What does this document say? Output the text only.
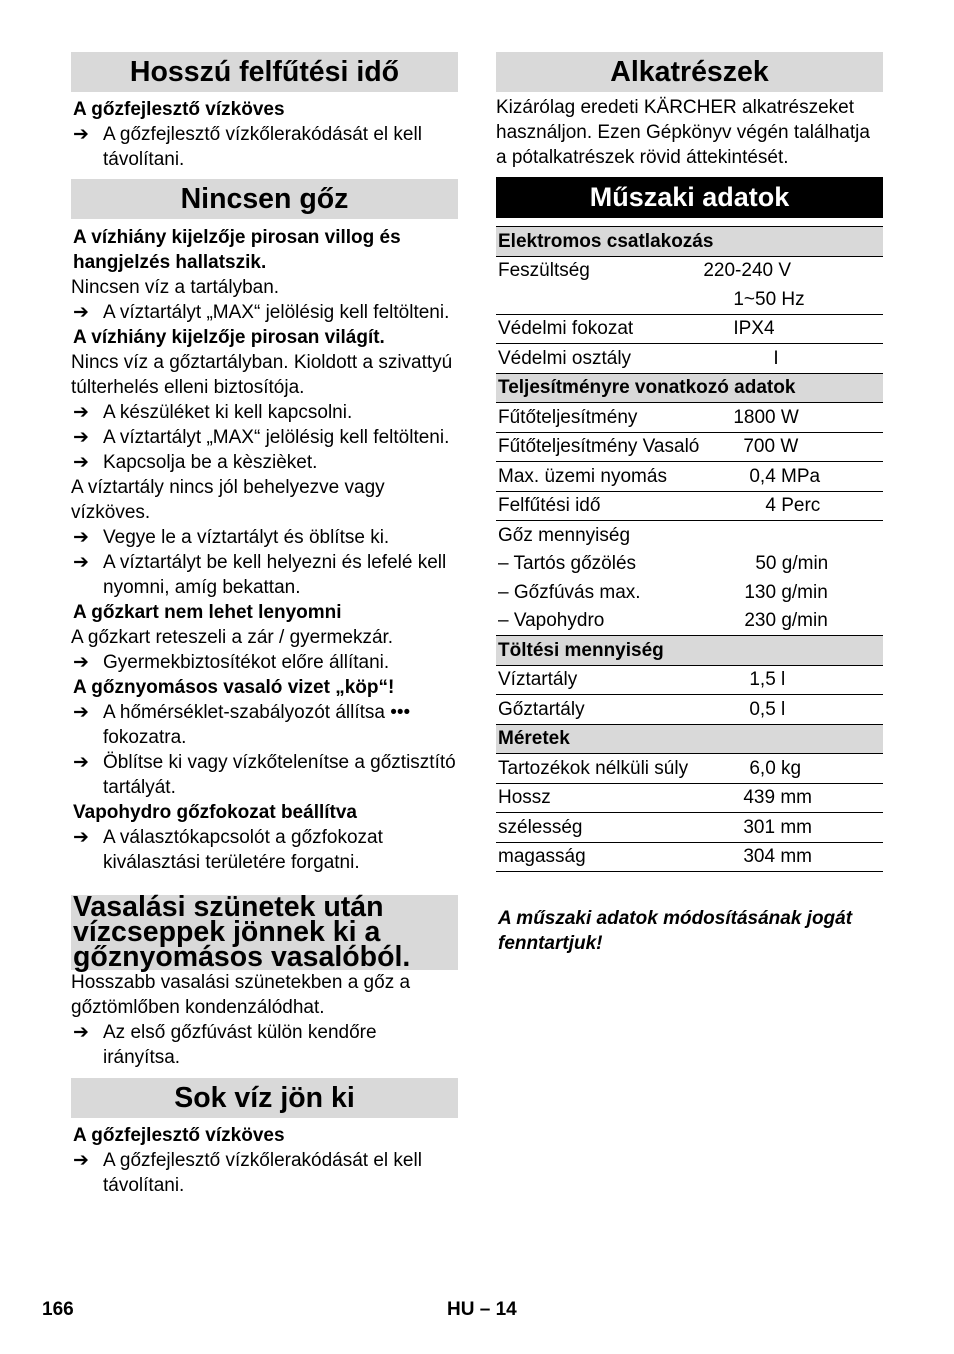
Hosszú felfűtési idő

A gőzfejlesztő vízköves

➔ A gőzfejlesztő vízkőlerakódását el kell távolítani.
Nincsen gőz

A vízhiány kijelzője pirosan villog és hangjelzés hallatszik.

Nincsen víz a tartályban.

➔ A víztartályt „MAX“ jelölésig kell feltölteni.

A vízhiány kijelzője pirosan világít.

Nincs víz a gőztartályban. Kioldott a szivattyú túlterhelés elleni biztosítója.

➔ A készüléket ki kell kapcsolni.
➔ A víztartályt „MAX“ jelölésig kell feltölteni.
➔ Kapcsolja be a kèszièket.

A víztartály nincs jól behelyezve vagy vízköves.

➔ Vegye le a víztartályt és öblítse ki.
➔ A víztartályt be kell helyezni és lefelé kell nyomni, amíg bekattan.

A gőzkart nem lehet lenyomni

A gőzkart reteszeli a zár / gyermekzár.

➔ Gyermekbiztosítékot előre állítani.

A gőznyomásos vasaló vizet „köp“!

➔ A hőmérséklet-szabályozót állítsa ••• fokozatra.
➔ Öblítse ki vagy vízkőtelenítse a gőztisztító tartályát.

Vapohydro gőzfokozat beállítva

➔ A választókapcsolót a gőzfokozat kiválasztási területére forgatni.
Vasalási szünetek után vízcseppek jönnek ki a gőznyomásos vasalóból.

Hosszabb vasalási szünetekben a gőz a gőztömlőben kondenzálódhat.

➔ Az első gőzfúvást külön kendőre irányítsa.
Sok víz jön ki

A gőzfejlesztő vízköves

➔ A gőzfejlesztő vízkőlerakódását el kell távolítani.
Alkatrészek

Kizárólag eredeti KÄRCHER alkatrészeket használjon. Ezen Gépkönyv végén találhatja a pótalkatrészek rövid áttekintését.

Műszaki adatok
Elektromos csatlakozás	
Feszültség	220-240 V
	1~50 Hz
Védelmi fokozat	IPX4
Védelmi osztály	I
Teljesítményre vonatkozó adatok	
Fűtőteljesítmény	1800 W
Fűtőteljesítmény Vasaló	700 W
Max. üzemi nyomás	0,4 MPa
Felfűtési idő	4 Perc
Gőz mennyiség	
– Tartós gőzölés	50 g/min
– Gőzfúvás max.	130 g/min
– Vapohydro	230 g/min
Töltési mennyiség	
Víztartály	1,5 l
Gőztartály	0,5 l
Méretek	
Tartozékok nélküli súly	6,0 kg
Hossz	439 mm
szélesség	301 mm
magasság	304 mm

A műszaki adatok módosításának jogát fenntartjuk!

166	HU – 14
